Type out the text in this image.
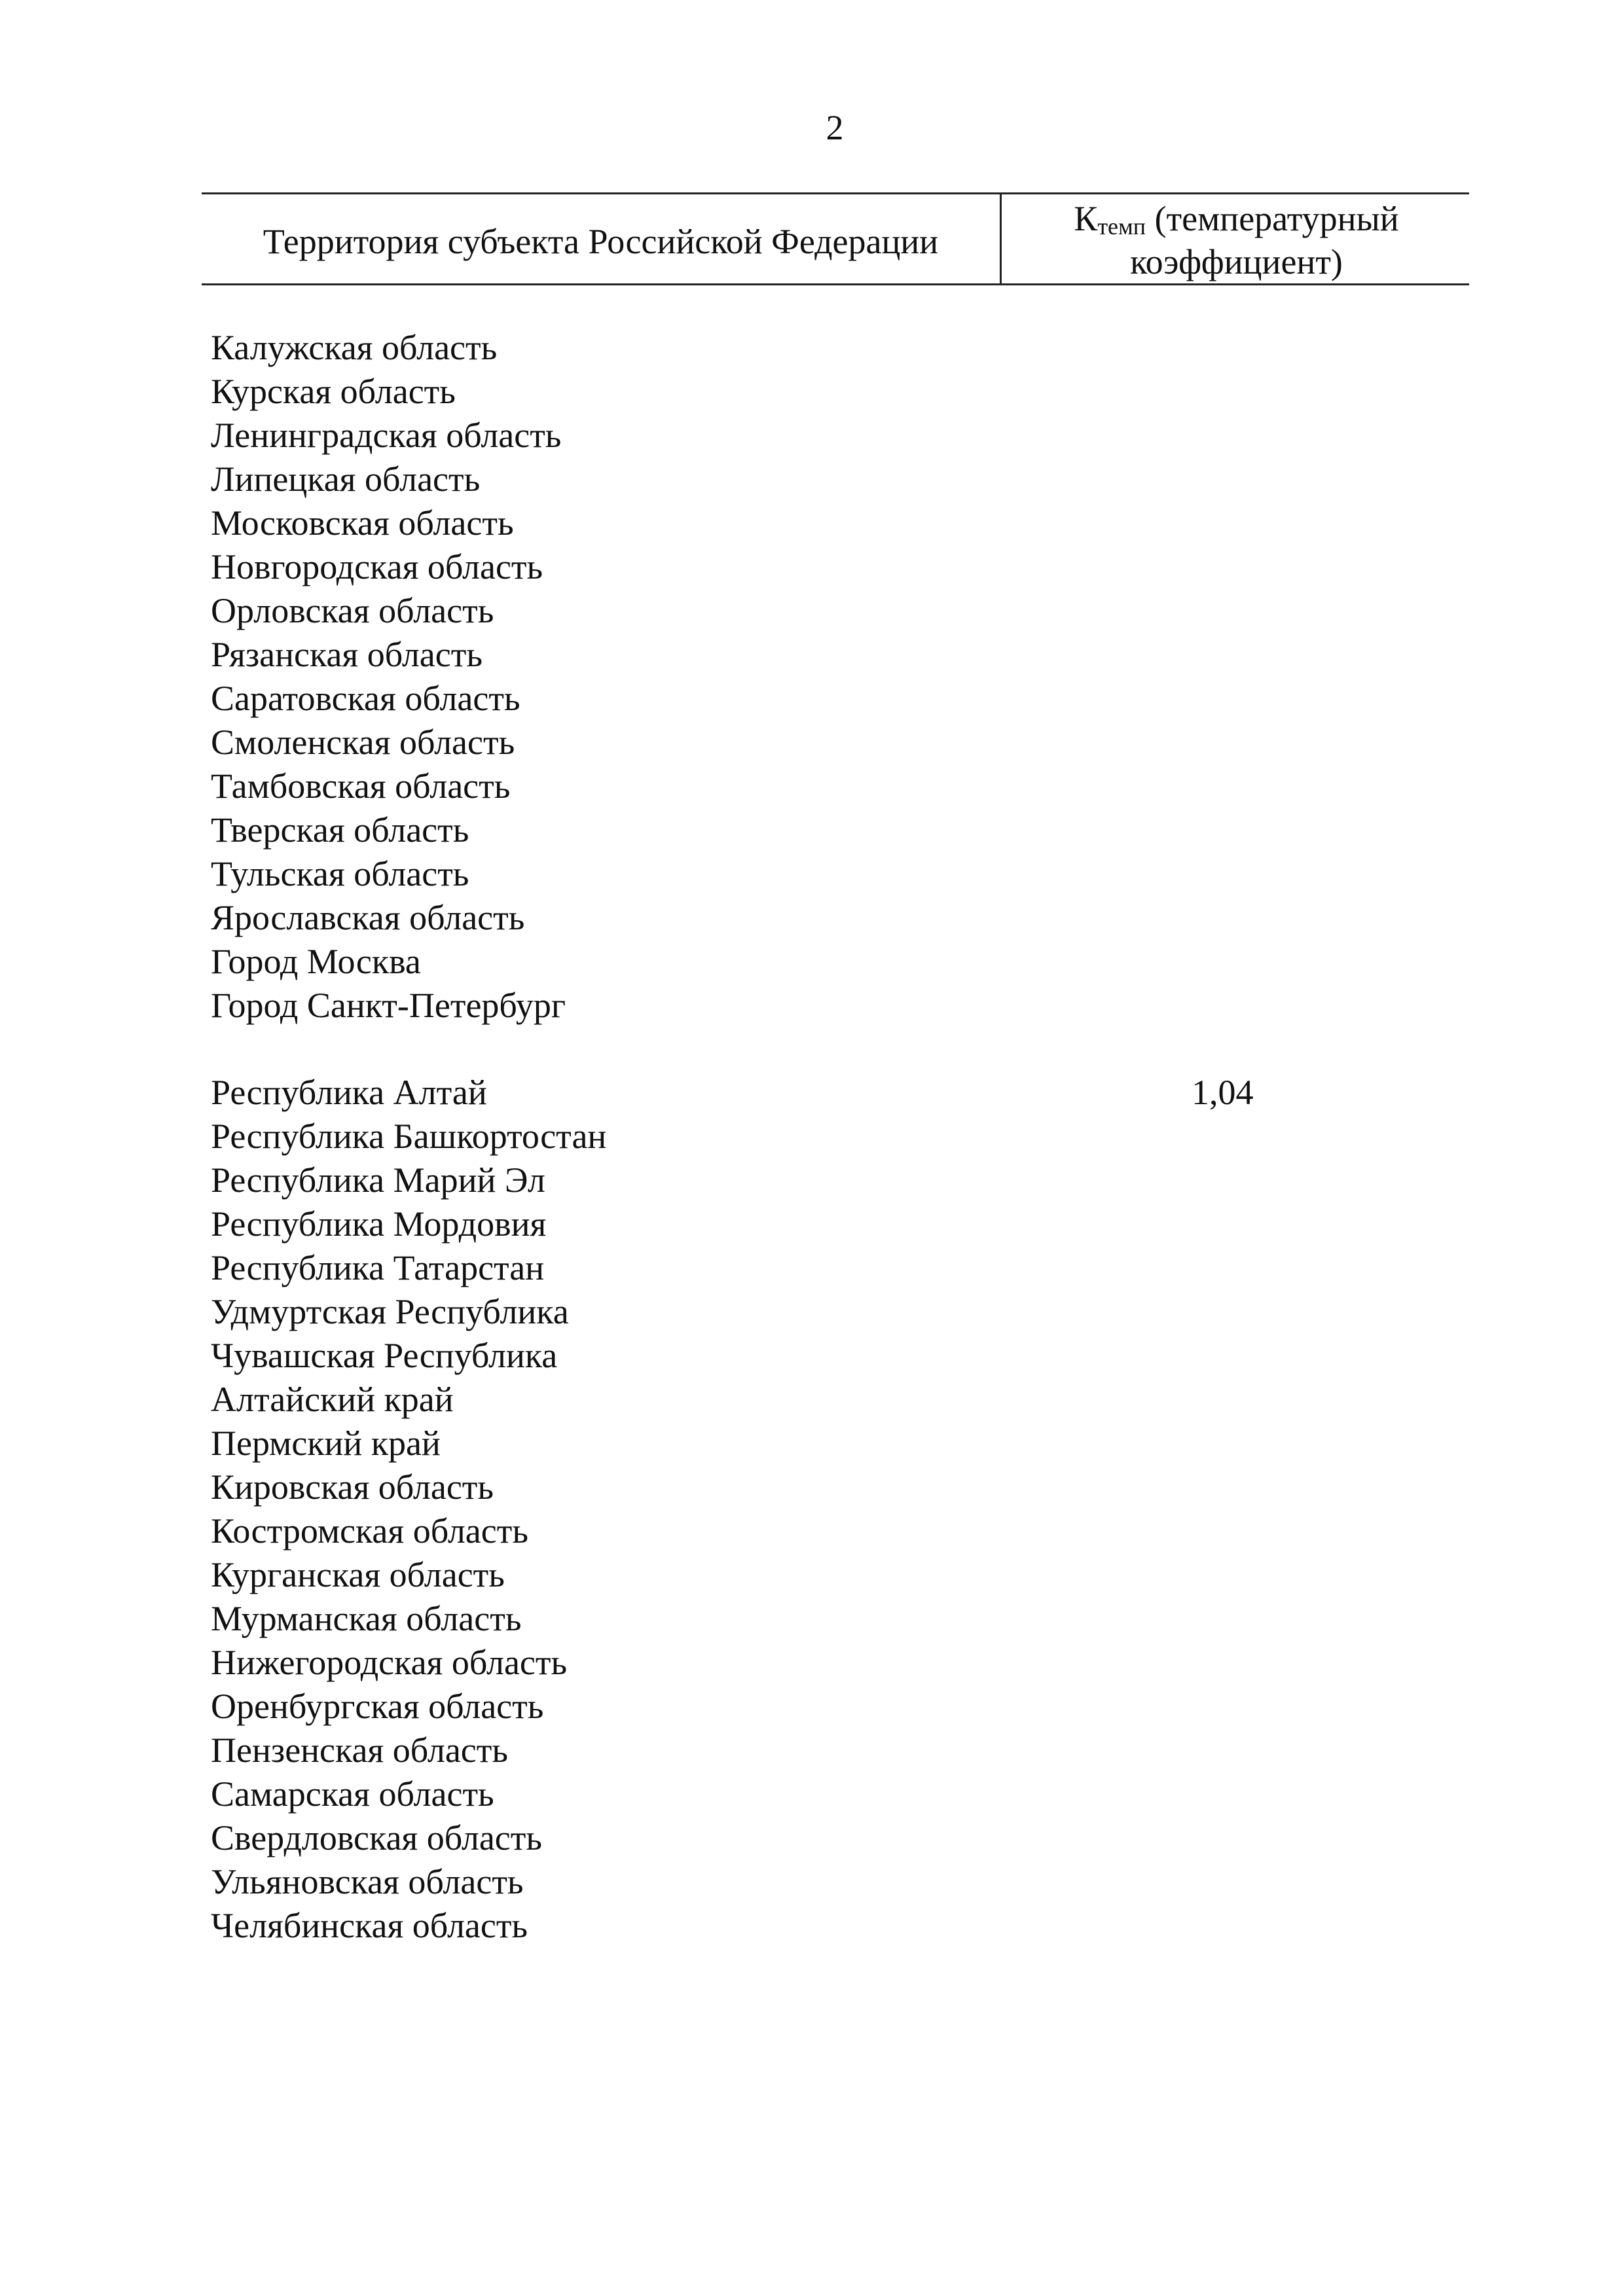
2
Территория субъекта Российской Федерации
$К_{темп}$ (температурный
коэффициент)
Калужская область
Курская область
Ленинградская область
Липецкая область
Московская область
Новгородская область
Орловская область
Рязанская область
Саратовская область
Смоленская область
Тамбовская область
Тверская область
Тульская область
Ярославская область
Город Москва
Город Санкт-Петербург
Республика Алтай
Республика Башкортостан
Республика Марий Эл
Республика Мордовия
Республика Татарстан
Удмуртская Республика
Чувашская Республика
Алтайский край
Пермский край
Кировская область
Костромская область
Курганская область
Мурманская область
Нижегородская область
Оренбургская область
Пензенская область
Самарская область
Свердловская область
Ульяновская область
Челябинская область
1,04
